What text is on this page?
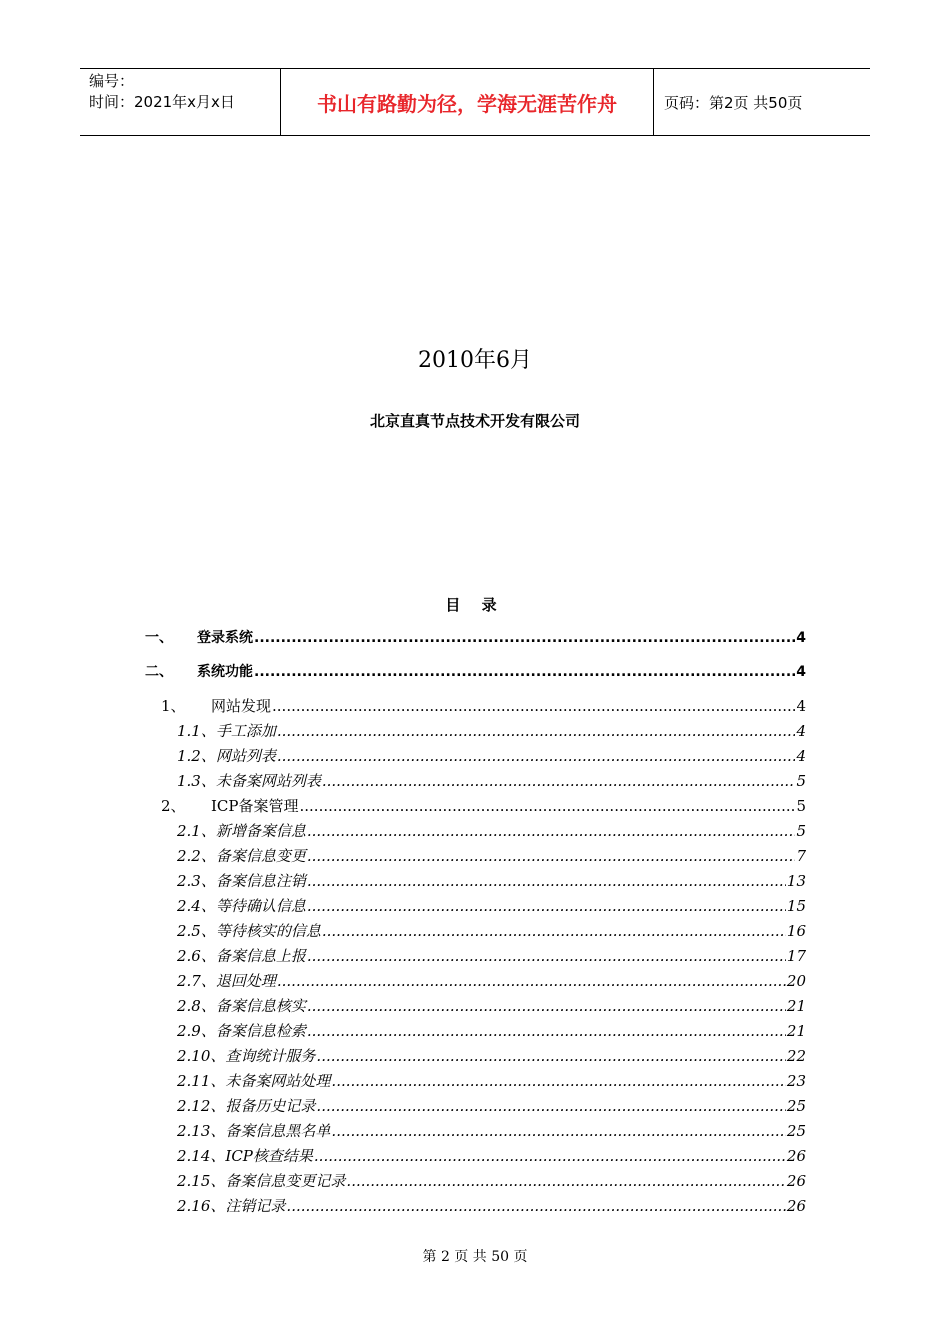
编号：
时间：2021年x月x日	书山有路勤为径，学海无涯苦作舟	页码：第2页 共50页
2010年6月
北京直真节点技术开发有限公司
目 录
一、	登录系统 .....	4
二、	系统功能 .....	4
1、	网站发现 .....	4
1.1、 手工添加 .....	4
1.2、 网站列表 .....	4
1.3、 未备案网站列表 .....	5
2、	ICP备案管理 .....	5
2.1、 新增备案信息 .....	5
2.2、 备案信息变更 .....	7
2.3、 备案信息注销 .....	13
2.4、 等待确认信息 .....	15
2.5、 等待核实的信息 .....	16
2.6、 备案信息上报 .....	17
2.7、 退回处理 .....	20
2.8、 备案信息核实 .....	21
2.9、 备案信息检索 .....	21
2.10、 查询统计服务 .....	22
2.11、 未备案网站处理 .....	23
2.12、 报备历史记录 .....	25
2.13、 备案信息黑名单 .....	25
2.14、 ICP核查结果 .....	26
2.15、 备案信息变更记录 .....	26
2.16、 注销记录 .....	26
第 2 页 共 50 页
